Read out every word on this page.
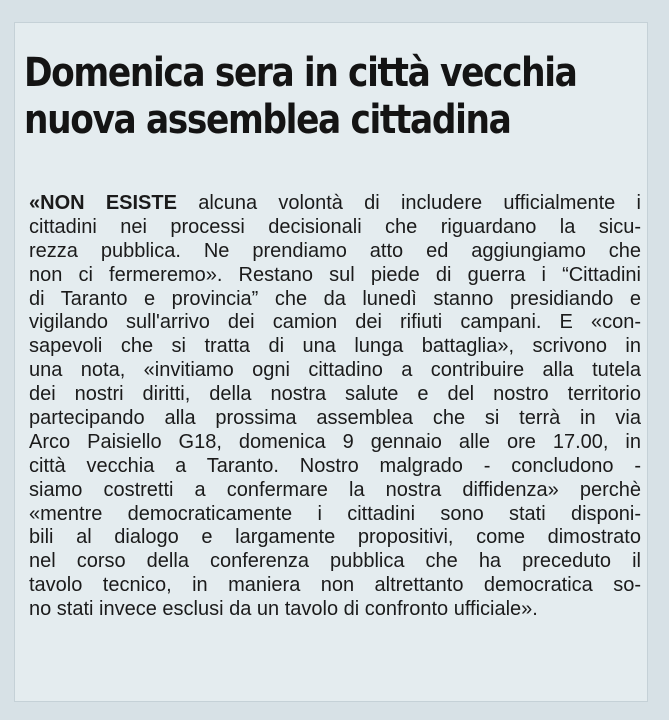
Domenica sera in città vecchia
nuova assemblea cittadina
«NON ESISTE alcuna volontà di includere ufficialmente i
cittadini nei processi decisionali che riguardano la sicu-
rezza pubblica. Ne prendiamo atto ed aggiungiamo che
non ci fermeremo». Restano sul piede di guerra i “Cittadini
di Taranto e provincia” che da lunedì stanno presidiando e
vigilando sull'arrivo dei camion dei rifiuti campani. E «con-
sapevoli che si tratta di una lunga battaglia», scrivono in
una nota, «invitiamo ogni cittadino a contribuire alla tutela
dei nostri diritti, della nostra salute e del nostro territorio
partecipando alla prossima assemblea che si terrà in via
Arco Paisiello G18, domenica 9 gennaio alle ore 17.00, in
città vecchia a Taranto. Nostro malgrado - concludono -
siamo costretti a confermare la nostra diffidenza» perchè
«mentre democraticamente i cittadini sono stati disponi-
bili al dialogo e largamente propositivi, come dimostrato
nel corso della conferenza pubblica che ha preceduto il
tavolo tecnico, in maniera non altrettanto democratica so-
no stati invece esclusi da un tavolo di confronto ufficiale».
